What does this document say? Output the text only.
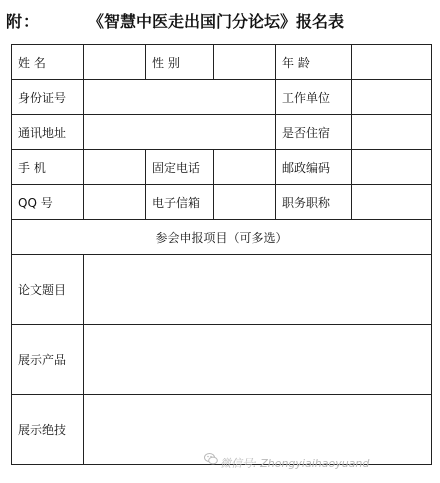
附：	《智慧中医走出国门分论坛》报名表
姓 名		性 别		年 龄	
身份证号				工作单位	
通讯地址				是否住宿	
手 机		固定电话		邮政编码	
QQ 号		电子信箱		职务职称	
参会申报项目（可多选）					
论文题目					
展示产品					
展示绝技					
微信号: Zhongyiaihaoyuand
